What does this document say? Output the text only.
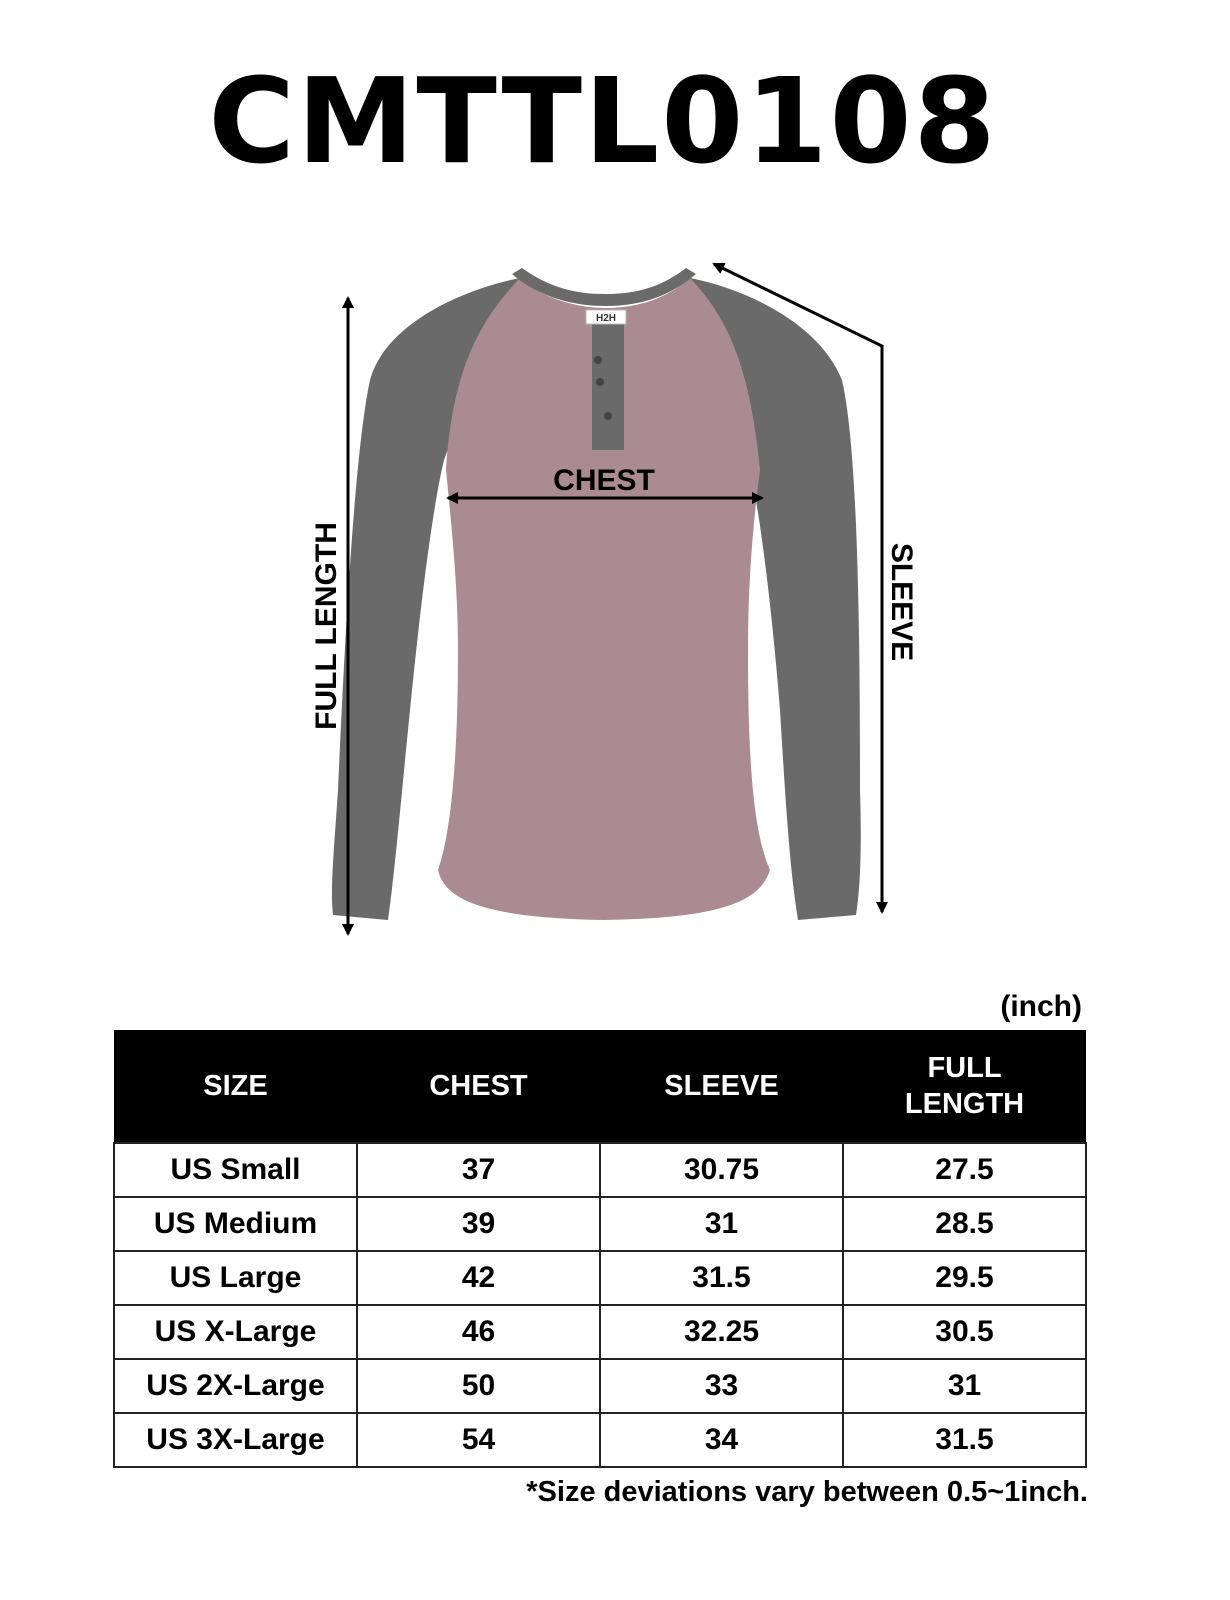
CMTTL0108
H2H
CHEST
FULL LENGTH	SLEEVE
(inch)
SIZE	CHEST	SLEEVE	FULL LENGTH
US Small	37	30.75	27.5
US Medium	39	31	28.5
US Large	42	31.5	29.5
US X-Large	46	32.25	30.5
US 2X-Large	50	33	31
US 3X-Large	54	34	31.5
*Size deviations vary between 0.5~1inch.
